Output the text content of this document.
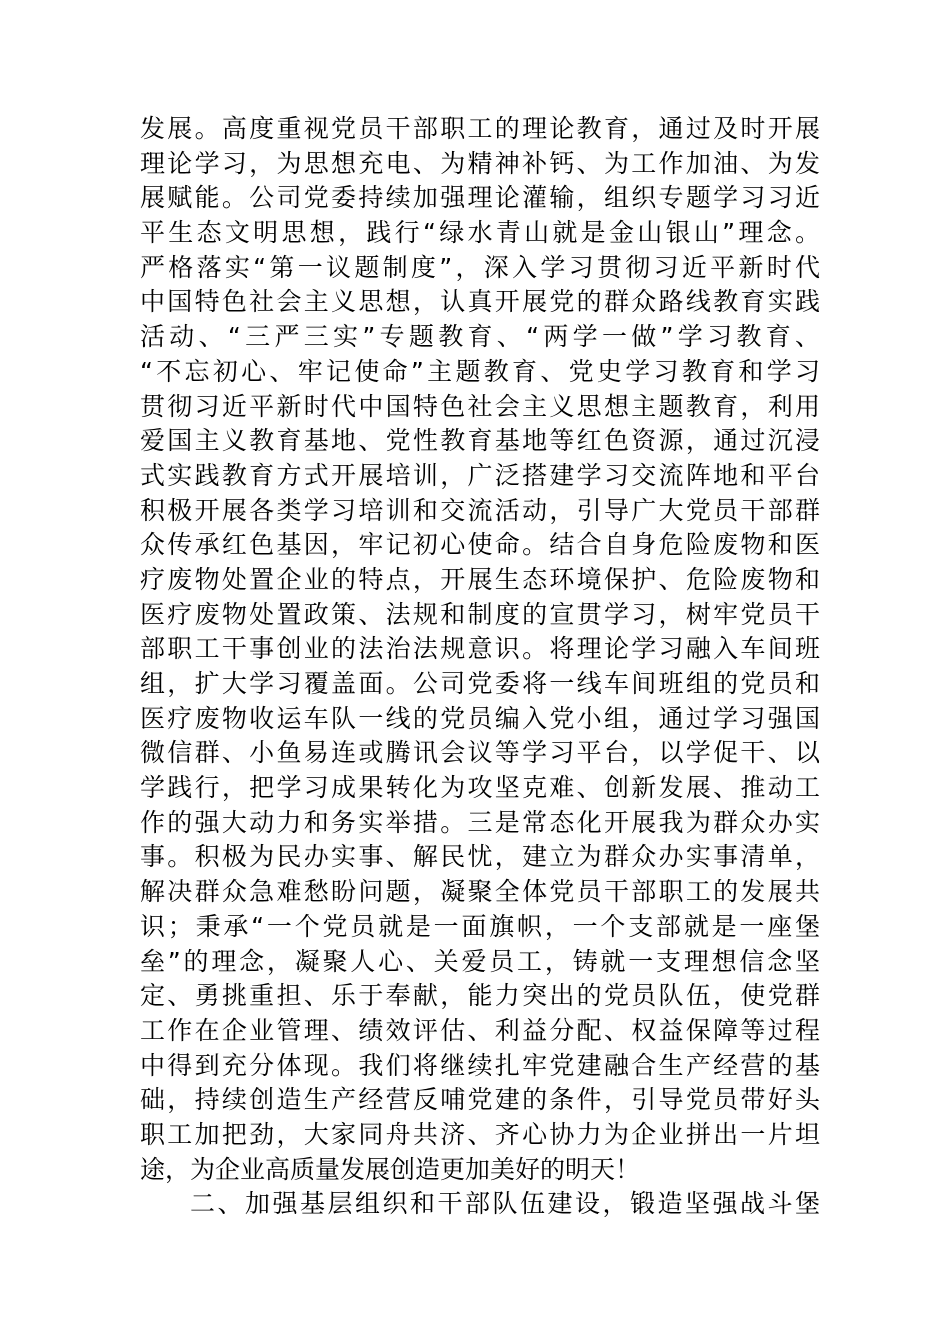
发展。高度重视党员干部职工的理论教育，通过及时开展
理论学习，为思想充电、为精神补钙、为工作加油、为发
展赋能。公司党委持续加强理论灌输，组织专题学习习近
平生态文明思想，践行“绿水青山就是金山银山”理念。
严格落实“第一议题制度”，深入学习贯彻习近平新时代
中国特色社会主义思想，认真开展党的群众路线教育实践
活动、“三严三实”专题教育、“两学一做”学习教育、
“不忘初心、牢记使命”主题教育、党史学习教育和学习
贯彻习近平新时代中国特色社会主义思想主题教育，利用
爱国主义教育基地、党性教育基地等红色资源，通过沉浸
式实践教育方式开展培训，广泛搭建学习交流阵地和平台
积极开展各类学习培训和交流活动，引导广大党员干部群
众传承红色基因，牢记初心使命。结合自身危险废物和医
疗废物处置企业的特点，开展生态环境保护、危险废物和
医疗废物处置政策、法规和制度的宣贯学习，树牢党员干
部职工干事创业的法治法规意识。将理论学习融入车间班
组，扩大学习覆盖面。公司党委将一线车间班组的党员和
医疗废物收运车队一线的党员编入党小组，通过学习强国
微信群、小鱼易连或腾讯会议等学习平台，以学促干、以
学践行，把学习成果转化为攻坚克难、创新发展、推动工
作的强大动力和务实举措。三是常态化开展我为群众办实
事。积极为民办实事、解民忧，建立为群众办实事清单，
解决群众急难愁盼问题，凝聚全体党员干部职工的发展共
识；秉承“一个党员就是一面旗帜，一个支部就是一座堡
垒”的理念，凝聚人心、关爱员工，铸就一支理想信念坚
定、勇挑重担、乐于奉献，能力突出的党员队伍，使党群
工作在企业管理、绩效评估、利益分配、权益保障等过程
中得到充分体现。我们将继续扎牢党建融合生产经营的基
础，持续创造生产经营反哺党建的条件，引导党员带好头
职工加把劲，大家同舟共济、齐心协力为企业拼出一片坦
途，为企业高质量发展创造更加美好的明天！
二、加强基层组织和干部队伍建设，锻造坚强战斗堡
